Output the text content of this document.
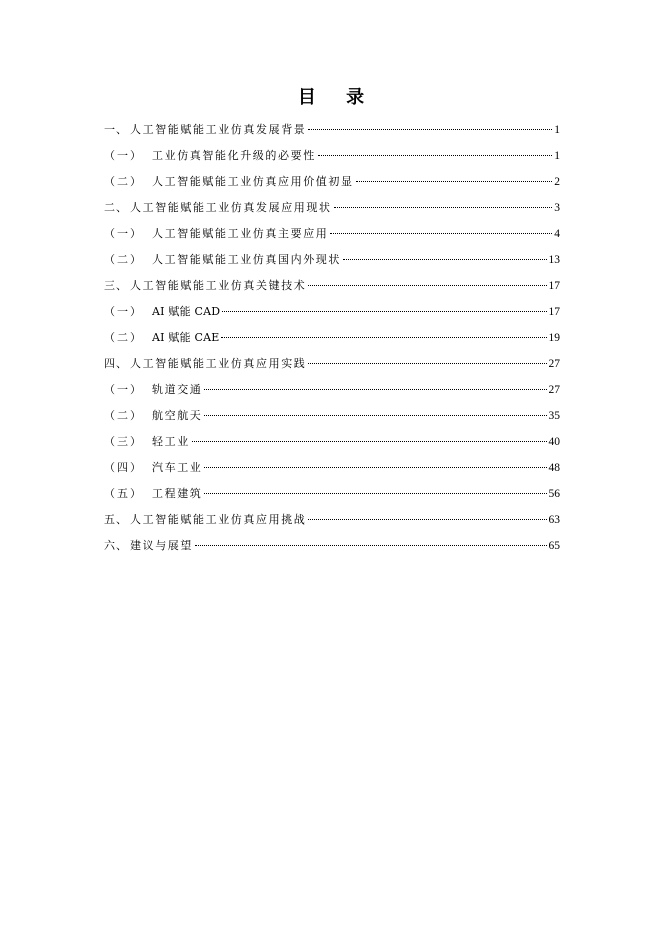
目 录
一、 人工智能赋能工业仿真发展背景	1
（一） 工业仿真智能化升级的必要性	1
（二） 人工智能赋能工业仿真应用价值初显	2
二、 人工智能赋能工业仿真发展应用现状	3
（一） 人工智能赋能工业仿真主要应用	4
（二） 人工智能赋能工业仿真国内外现状	13
三、 人工智能赋能工业仿真关键技术	17
（一） AI 赋能 CAD	17
（二） AI 赋能 CAE	19
四、 人工智能赋能工业仿真应用实践	27
（一） 轨道交通	27
（二） 航空航天	35
（三） 轻工业	40
（四） 汽车工业	48
（五） 工程建筑	56
五、 人工智能赋能工业仿真应用挑战	63
六、 建议与展望	65
